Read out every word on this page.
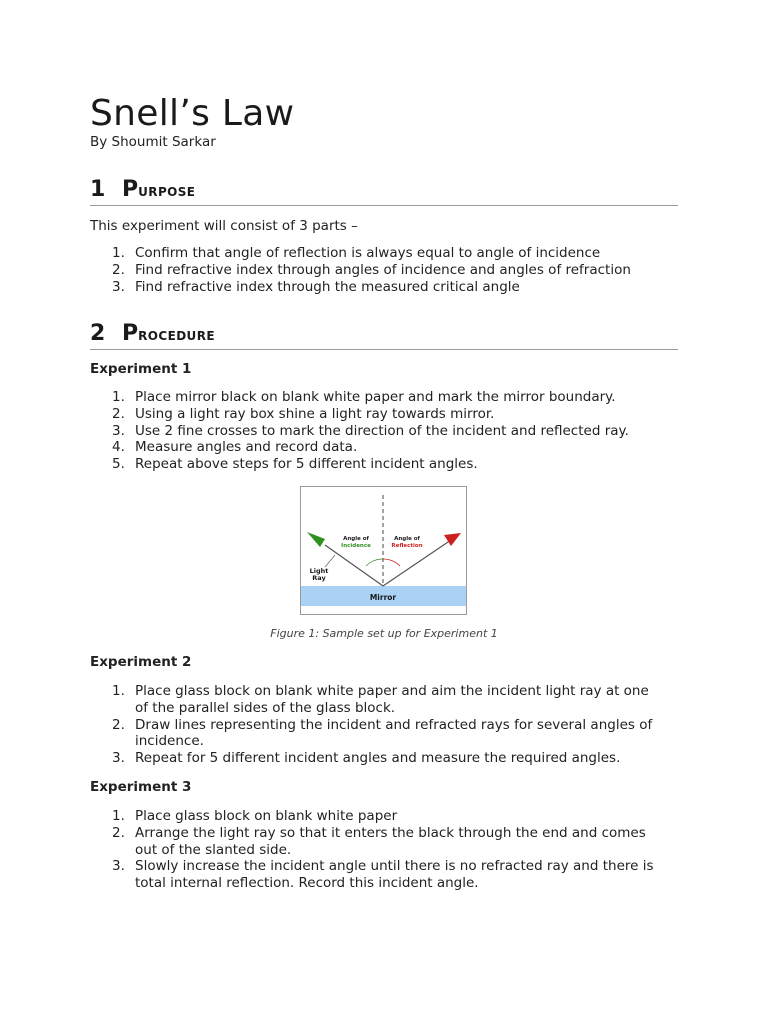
Snell’s Law

By Shoumit Sarkar

1 Purpose

This experiment will consist of 3 parts –

1. Confirm that angle of reflection is always equal to angle of incidence
2. Find refractive index through angles of incidence and angles of refraction
3. Find refractive index through the measured critical angle
2 Procedure

Experiment 1

1. Place mirror black on blank white paper and mark the mirror boundary.
2. Using a light ray box shine a light ray towards mirror.
3. Use 2 fine crosses to mark the direction of the incident and reflected ray.
4. Measure angles and record data.
5. Repeat above steps for 5 different incident angles.
Mirror
Angle of
Incidence
Angle of
Reflection
Light
Ray

Figure 1: Sample set up for Experiment 1

Experiment 2

1. Place glass block on blank white paper and aim the incident light ray at one
of the parallel sides of the glass block.
2. Draw lines representing the incident and refracted rays for several angles of
incidence.
3. Repeat for 5 different incident angles and measure the required angles.

Experiment 3

1. Place glass block on blank white paper
2. Arrange the light ray so that it enters the black through the end and comes
out of the slanted side.
3. Slowly increase the incident angle until there is no refracted ray and there is
total internal reflection. Record this incident angle.
